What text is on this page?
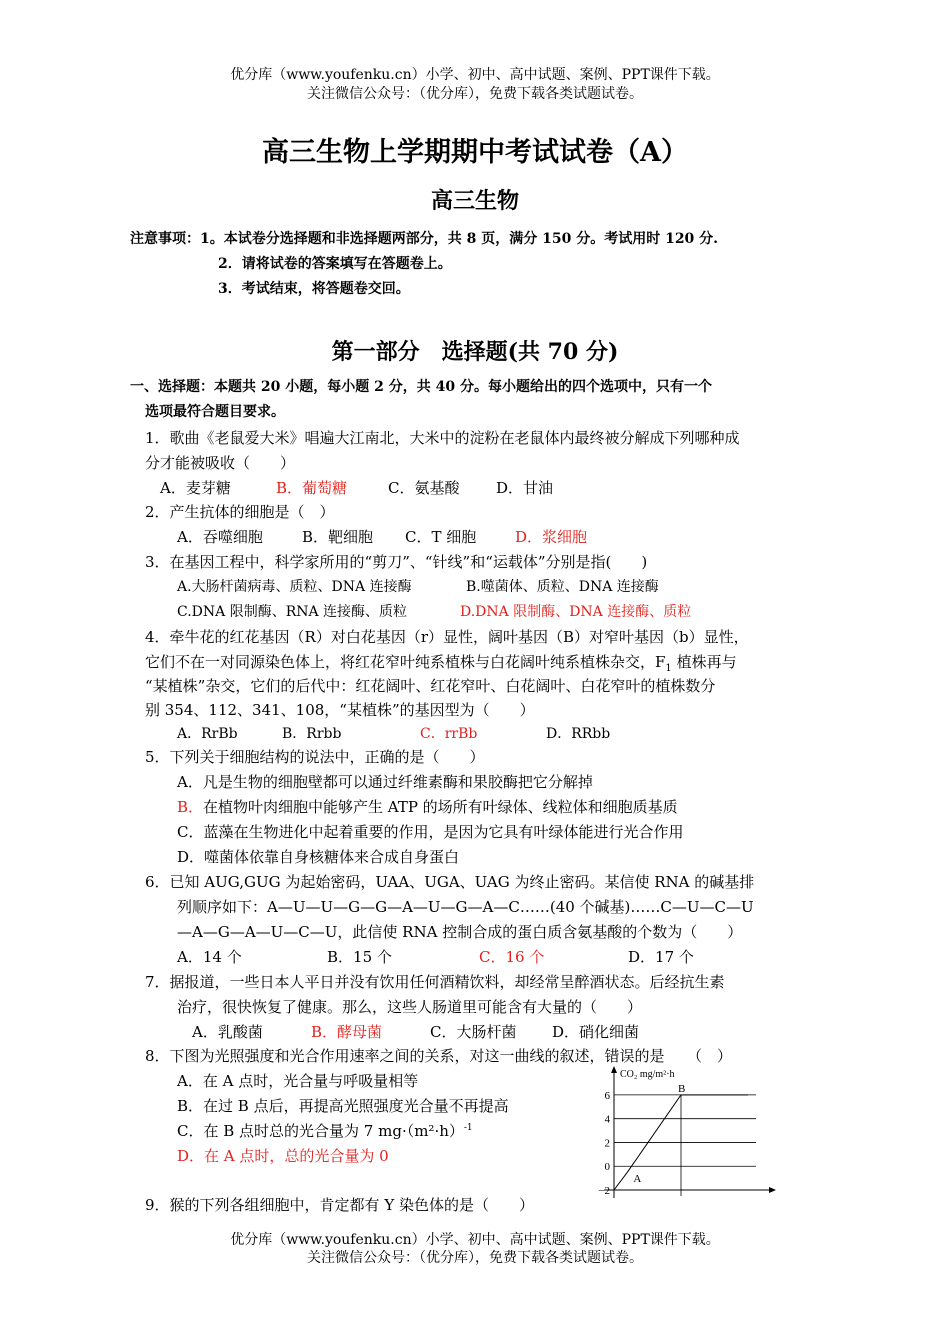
优分库（www.youfenku.cn）小学、初中、高中试题、案例、PPT课件下载。
关注微信公众号：（优分库），免费下载各类试题试卷。
高三生物上学期期中考试试卷（A）
高三生物
注意事项：1。本试卷分选择题和非选择题两部分，共 8 页，满分 150 分。考试用时 120 分.
2．请将试卷的答案填写在答题卷上。
3．考试结束，将答题卷交回。
第一部分　选择题(共 70 分)
一、选择题：本题共 20 小题，每小题 2 分，共 40 分。每小题给出的四个选项中，只有一个
选项最符合题目要求。
1．歌曲《老鼠爱大米》唱遍大江南北，大米中的淀粉在老鼠体内最终被分解成下列哪种成
分才能被吸收（　　）
A．麦芽糖	B．葡萄糖	C．氨基酸 D．甘油
2．产生抗体的细胞是（　）
A．吞噬细胞	B．靶细胞 C．T 细胞	D．浆细胞
3．在基因工程中，科学家所用的“剪刀”、“针线”和“运载体”分别是指(　　)
A.大肠杆菌病毒、质粒、DNA 连接酶	B.噬菌体、质粒、DNA 连接酶
C.DNA 限制酶、RNA 连接酶、质粒	D.DNA 限制酶、DNA 连接酶、质粒
4．牵牛花的红花基因（R）对白花基因（r）显性，阔叶基因（B）对窄叶基因（b）显性，
它们不在一对同源染色体上，将红花窄叶纯系植株与白花阔叶纯系植株杂交，$F_1$ 植株再与
“某植株”杂交，它们的后代中：红花阔叶、红花窄叶、白花阔叶、白花窄叶的植株数分
别 354、112、341、108，“某植株”的基因型为（　　）
A．RrBb	B．Rrbb	C．rrBb	D．RRbb
5．下列关于细胞结构的说法中，正确的是（　　）
A．凡是生物的细胞壁都可以通过纤维素酶和果胶酶把它分解掉
B．在植物叶肉细胞中能够产生 ATP 的场所有叶绿体、线粒体和细胞质基质
C．蓝藻在生物进化中起着重要的作用，是因为它具有叶绿体能进行光合作用
D．噬菌体依靠自身核糖体来合成自身蛋白
6．已知 AUG,GUG 为起始密码，UAA、UGA、UAG 为终止密码。某信使 RNA 的碱基排
列顺序如下：A—U—U—G—G—A—U—G—A—C……(40 个碱基)……C—U—C—U
—A—G—A—U—C—U，此信使 RNA 控制合成的蛋白质含氨基酸的个数为（　　）
A．14 个	B．15 个	C．16 个	D．17 个
7．据报道，一些日本人平日并没有饮用任何酒精饮料，却经常呈醉酒状态。后经抗生素
治疗，很快恢复了健康。那么，这些人肠道里可能含有大量的（　　）
A．乳酸菌	B．酵母菌	C．大肠杆菌 D．硝化细菌
8．下图为光照强度和光合作用速率之间的关系，对这一曲线的叙述，错误的是　　（　）
A．在 A 点时，光合量与呼吸量相等
B．在过 B 点后，再提高光照强度光合量不再提高
C．在 B 点时总的光合量为 7 $mg\cdot(m^2\cdot h)^{-1}$
D．在 A 点时，总的光合量为 0
CO₂ mg/m²·h
6
4
2
0
−2
A
B
9．猴的下列各组细胞中，肯定都有 Y 染色体的是（　　）
优分库（www.youfenku.cn）小学、初中、高中试题、案例、PPT课件下载。
关注微信公众号：（优分库），免费下载各类试题试卷。
